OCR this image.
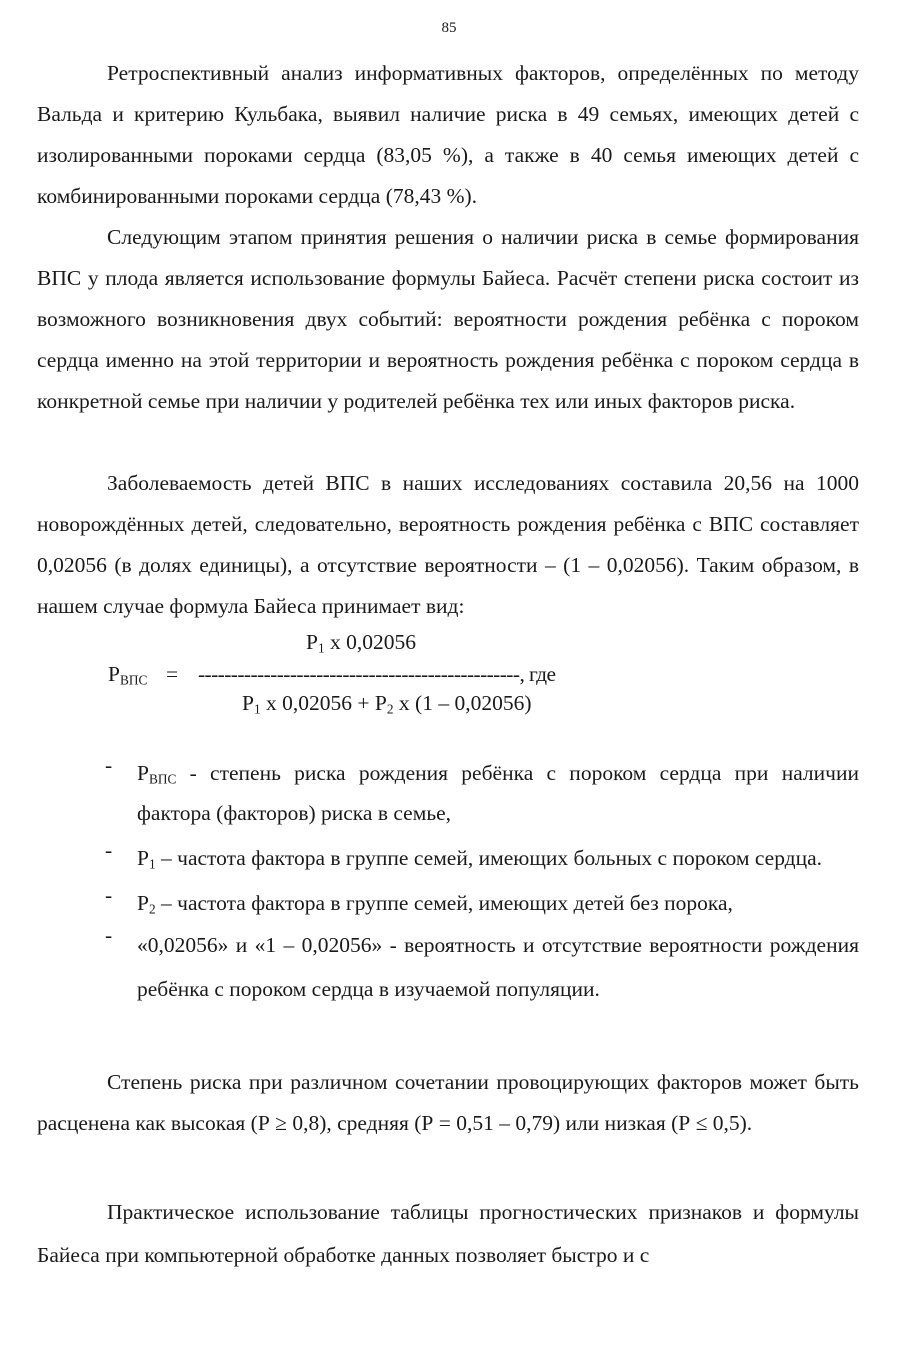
85

Ретроспективный анализ информативных факторов, определённых по методу Вальда и критерию Кульбака, выявил наличие риска в 49 семьях, имеющих детей с изолированными пороками сердца (83,05 %), а также в 40 семья имеющих детей с комбинированными пороками сердца (78,43 %).

Следующим этапом принятия решения о наличии риска в семье формирования ВПС у плода является использование формулы Байеса. Расчёт степени риска состоит из возможного возникновения двух событий: вероятности рождения ребёнка с пороком сердца именно на этой территории и вероятность рождения ребёнка с пороком сердца в конкретной семье при наличии у родителей ребёнка тех или иных факторов риска.

Заболеваемость детей ВПС в наших исследованиях составила 20,56 на 1000 новорождённых детей, следовательно, вероятность рождения ребёнка с ВПС составляет 0,02056 (в долях единицы), а отсутствие вероятности – (1 – 0,02056). Таким образом, в нашем случае формула Байеса принимает вид:

$Р_1$ х 0,02056
$Р_{ВПС}$ = -------------------------------------------------, где
$Р_1$ х $0,02056 + Р_2$ х (1 – 0,02056)
- $Р_{ВПС}$ - степень риска рождения ребёнка с пороком сердца при наличии фактора (факторов) риска в семье,
- $Р_1$ – частота фактора в группе семей, имеющих больных с пороком сердца.
- $Р_2$ – частота фактора в группе семей, имеющих детей без порока,
- «0,02056» и «1 – 0,02056» - вероятность и отсутствие вероятности рождения ребёнка с пороком сердца в изучаемой популяции.

Степень риска при различном сочетании провоцирующих факторов может быть расценена как высокая (Р ≥ 0,8), средняя (Р = 0,51 – 0,79) или низкая (Р ≤ 0,5).

Практическое использование таблицы прогностических признаков и формулы Байеса при компьютерной обработке данных позволяет быстро и с
